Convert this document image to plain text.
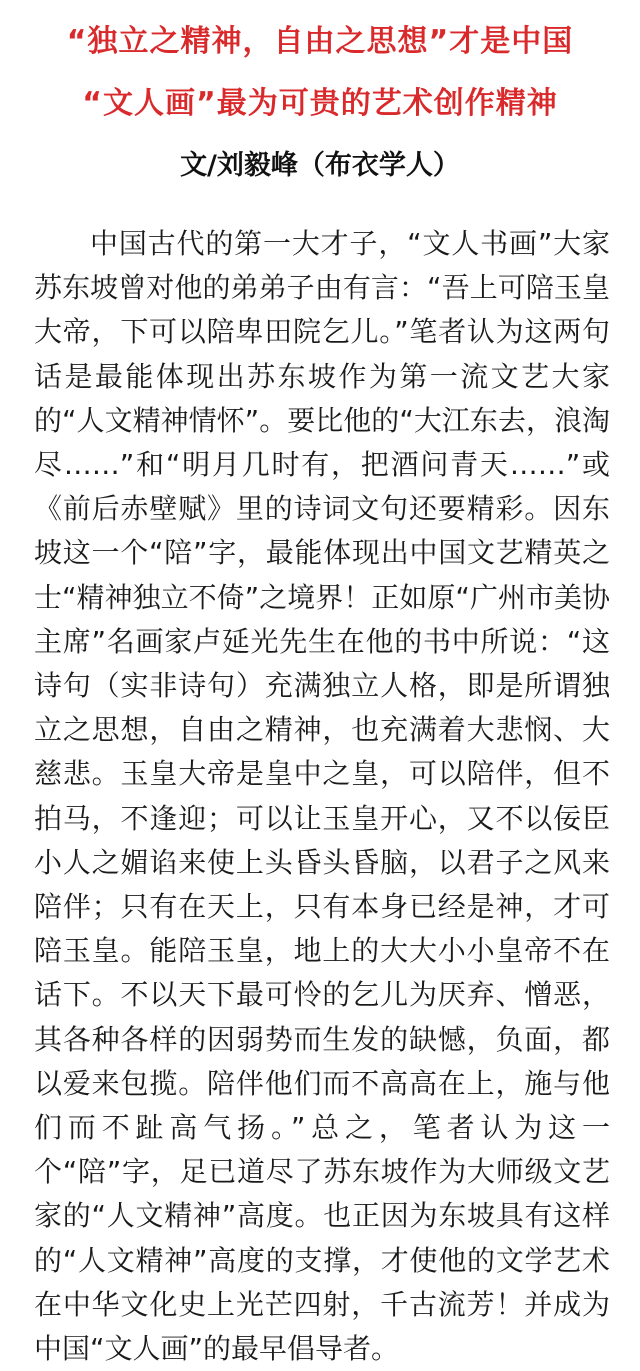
“独立之精神，自由之思想”才是中国
“文人画”最为可贵的艺术创作精神
文/刘毅峰（布衣学人）

中国古代的第一大才子，“文人书画”大家苏东坡曾对他的弟弟子由有言：“吾上可陪玉皇大帝，下可以陪卑田院乞儿。”笔者认为这两句话是最能体现出苏东坡作为第一流文艺大家的“人文精神情怀”。要比他的“大江东去，浪淘尽……”和“明月几时有，把酒问青天……”或《前后赤壁赋》里的诗词文句还要精彩。因东坡这一个“陪”字，最能体现出中国文艺精英之士“精神独立不倚”之境界！正如原“广州市美协主席”名画家卢延光先生在他的书中所说：“这诗句（实非诗句）充满独立人格，即是所谓独立之思想，自由之精神，也充满着大悲悯、大慈悲。玉皇大帝是皇中之皇，可以陪伴，但不拍马，不逢迎；可以让玉皇开心，又不以佞臣小人之媚谄来使上头昏头昏脑，以君子之风来陪伴；只有在天上，只有本身已经是神，才可陪玉皇。能陪玉皇，地上的大大小小皇帝不在话下。不以天下最可怜的乞儿为厌弃、憎恶，其各种各样的因弱势而生发的缺憾，负面，都以爱来包揽。陪伴他们而不高高在上，施与他们而不趾高气扬。”总之，笔者认为这一个“陪”字，足已道尽了苏东坡作为大师级文艺家的“人文精神”高度。也正因为东坡具有这样的“人文精神”高度的支撑，才使他的文学艺术在中华文化史上光芒四射，千古流芳！并成为中国“文人画”的最早倡导者。
